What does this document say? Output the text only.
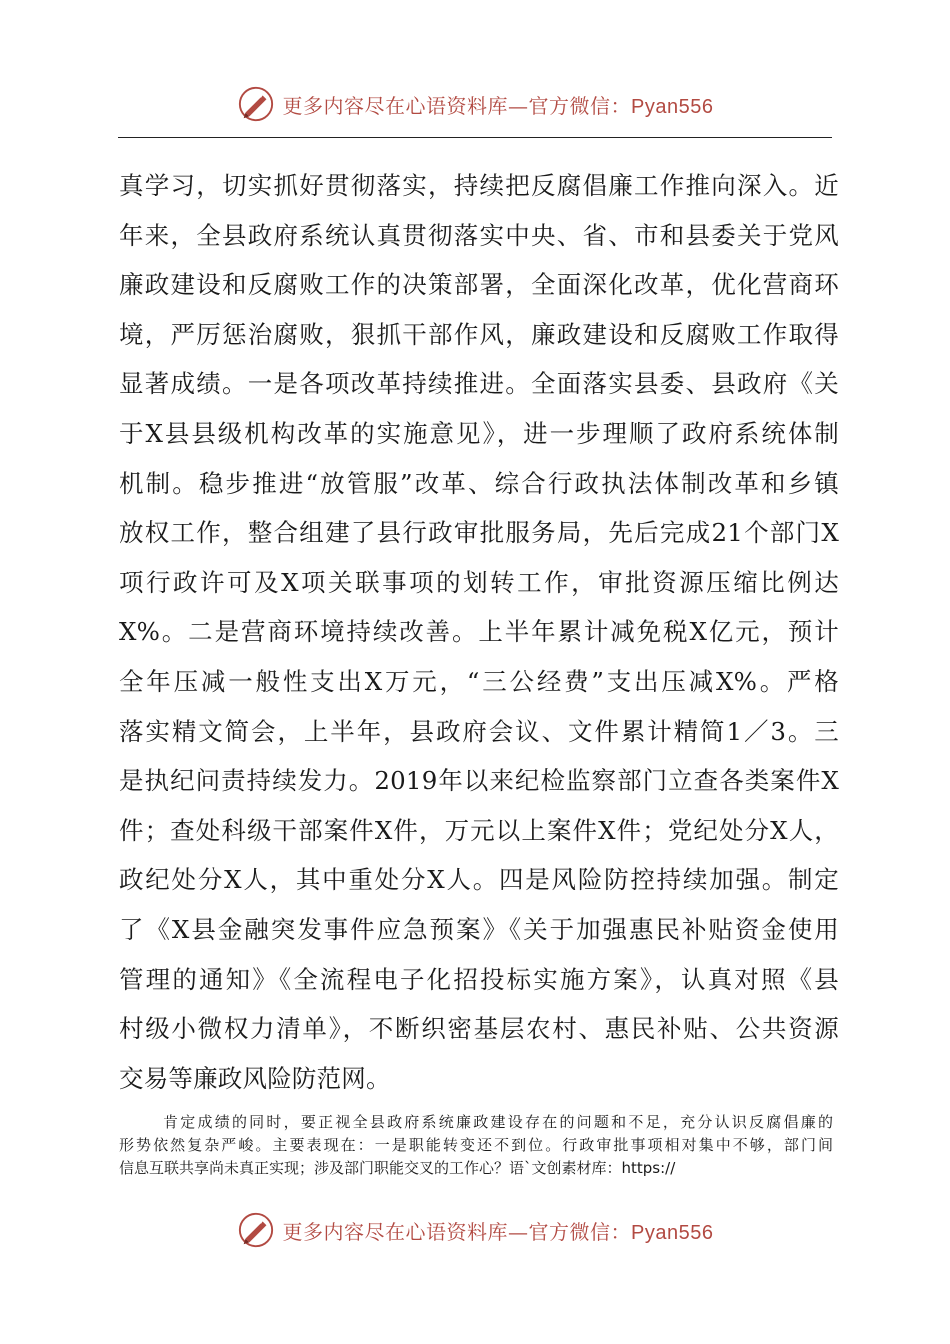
更多内容尽在心语资料库—官方微信：Pyan556
真学习，切实抓好贯彻落实，持续把反腐倡廉工作推向深入。近
年来，全县政府系统认真贯彻落实中央、省、市和县委关于党风
廉政建设和反腐败工作的决策部署，全面深化改革，优化营商环
境，严厉惩治腐败，狠抓干部作风，廉政建设和反腐败工作取得
显著成绩。一是各项改革持续推进。全面落实县委、县政府《关
于X县县级机构改革的实施意见》，进一步理顺了政府系统体制
机制。稳步推进“放管服”改革、综合行政执法体制改革和乡镇
放权工作，整合组建了县行政审批服务局，先后完成21个部门X
项行政许可及X项关联事项的划转工作，审批资源压缩比例达
X%。二是营商环境持续改善。上半年累计减免税X亿元，预计
全年压减一般性支出X万元，“三公经费”支出压减X%。严格
落实精文简会，上半年，县政府会议、文件累计精简1／3。三
是执纪问责持续发力。2019年以来纪检监察部门立查各类案件X
件；查处科级干部案件X件，万元以上案件X件；党纪处分X人，
政纪处分X人，其中重处分X人。四是风险防控持续加强。制定
了《X县金融突发事件应急预案》《关于加强惠民补贴资金使用
管理的通知》《全流程电子化招投标实施方案》，认真对照《县
村级小微权力清单》，不断织密基层农村、惠民补贴、公共资源
交易等廉政风险防范网。
肯定成绩的同时，要正视全县政府系统廉政建设存在的问题和不足，充分认识反腐倡廉的
形势依然复杂严峻。主要表现在：一是职能转变还不到位。行政审批事项相对集中不够，部门间
信息互联共享尚未真正实现；涉及部门职能交叉的工作心？语`文创素材库：https://
更多内容尽在心语资料库—官方微信：Pyan556
